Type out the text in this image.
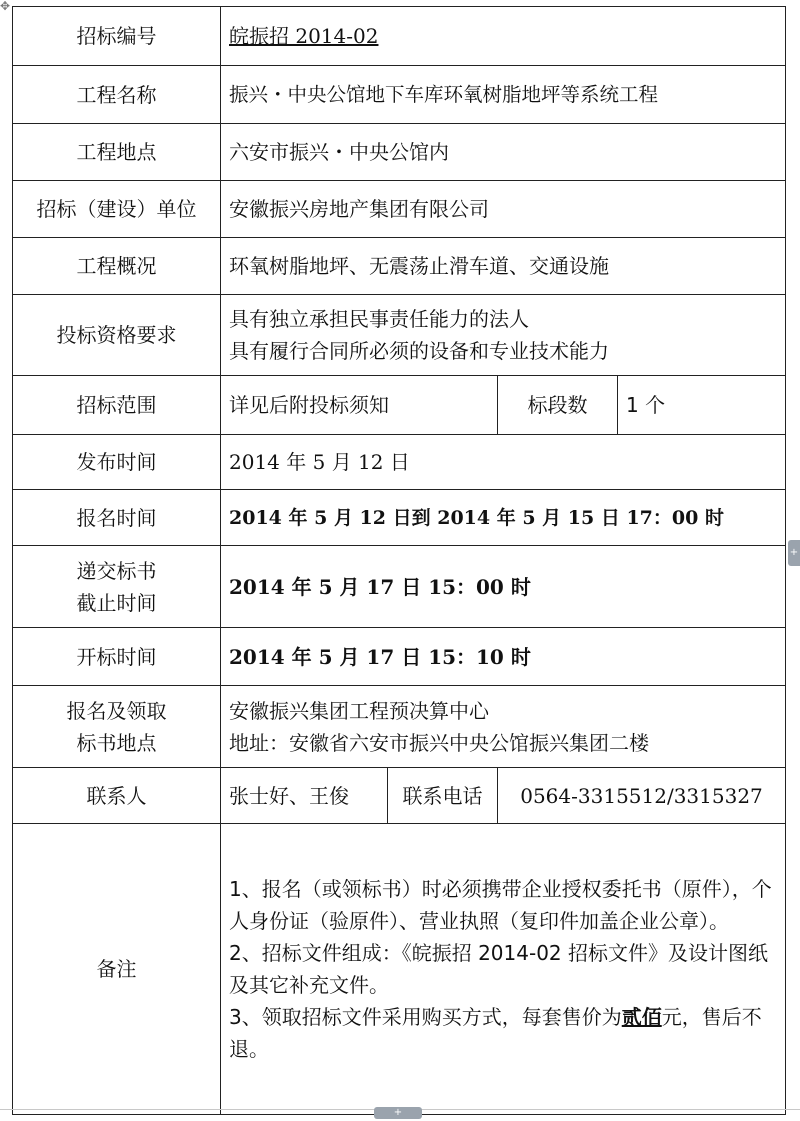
✥
招标编号	皖振招 2014-02			
工程名称	振兴・中央公馆地下车库环氧树脂地坪等系统工程			
工程地点	六安市振兴・中央公馆内			
招标（建设）单位	安徽振兴房地产集团有限公司			
工程概况	环氧树脂地坪、无震荡止滑车道、交通设施			
投标资格要求	具有独立承担民事责任能力的法人
具有履行合同所必须的设备和专业技术能力			

招标范围	详见后附投标须知		标段数	1 个
发布时间	2014 年 5 月 12 日			
报名时间	2014 年 5 月 12 日到 2014 年 5 月 15 日 17：00 时			

递交标书
截止时间	2014 年 5 月 17 日 15：00 时			
开标时间	2014 年 5 月 17 日 15：10 时			

报名及领取
标书地点	安徽振兴集团工程预决算中心
地址：安徽省六安市振兴中央公馆振兴集团二楼			

联系人	张士好、王俊	联系电话	0564-3315512/3315327	
备注	1、报名（或领标书）时必须携带企业授权委托书（原件），个人身份证（验原件）、营业执照（复印件加盖企业公章）。
2、招标文件组成：《皖振招 2014-02 招标文件》及设计图纸及其它补充文件。
3、领取招标文件采用购买方式，每套售价为贰佰元，售后不退。			
+
+
